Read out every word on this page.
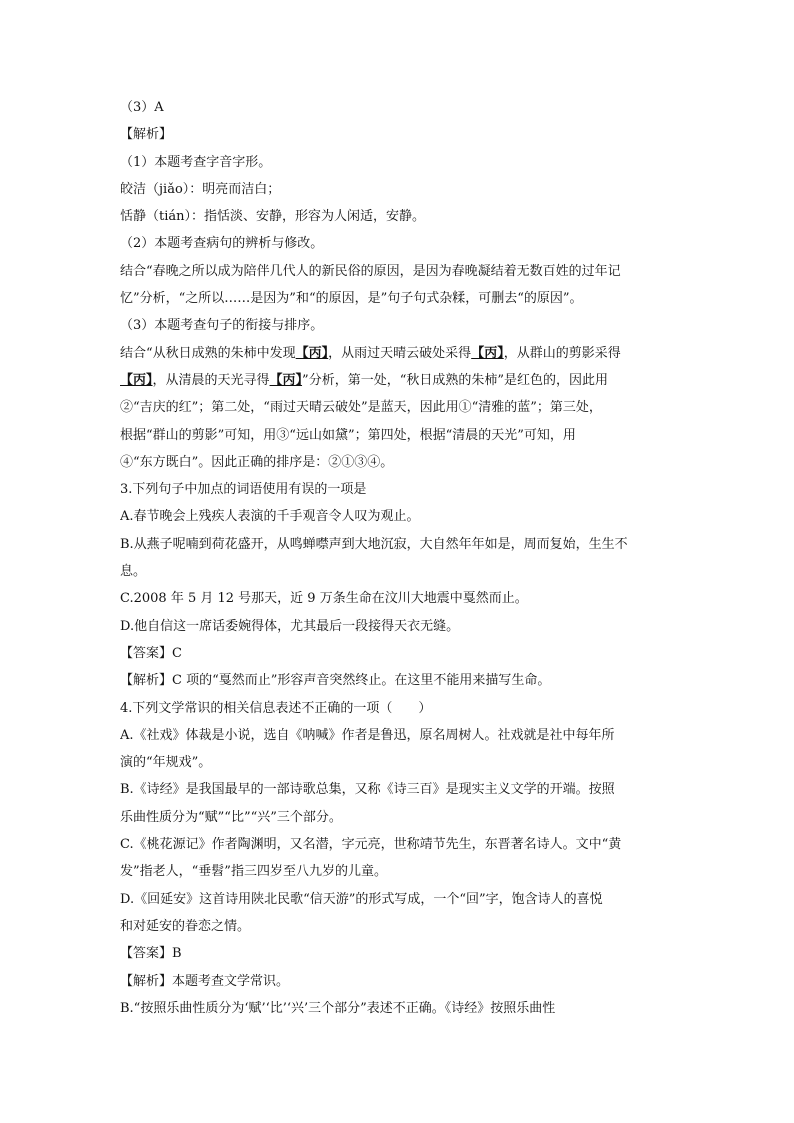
（3）A
【解析】
（1）本题考查字音字形。
皎洁（jiǎo）：明亮而洁白；
恬静（tián）：指恬淡、安静，形容为人闲适，安静。
（2）本题考查病句的辨析与修改。
结合“春晚之所以成为陪伴几代人的新民俗的原因，是因为春晚凝结着无数百姓的过年记
忆”分析，“之所以……是因为”和“的原因，是”句子句式杂糅，可删去“的原因”。
（3）本题考查句子的衔接与排序。
结合“从秋日成熟的朱柿中发现【丙】，从雨过天晴云破处采得【丙】，从群山的剪影采得
【丙】，从清晨的天光寻得【丙】”分析，第一处，“秋日成熟的朱柿”是红色的，因此用
②“吉庆的红”；第二处，“雨过天晴云破处”是蓝天，因此用①“清雅的蓝”；第三处，
根据“群山的剪影”可知，用③“远山如黛”；第四处，根据“清晨的天光”可知，用
④“东方既白”。因此正确的排序是：②①③④。
3.下列句子中加点的词语使用有误的一项是
A.春节晚会上残疾人表演的千手观音令人叹为观止。
B.从燕子呢喃到荷花盛开，从鸣蝉噤声到大地沉寂，大自然年年如是，周而复始，生生不
息。
C.2008 年 5 月 12 号那天，近 9 万条生命在汶川大地震中戛然而止。
D.他自信这一席话委婉得体，尤其最后一段接得天衣无缝。
【答案】C
【解析】C 项的“戛然而止”形容声音突然终止。在这里不能用来描写生命。
4.下列文学常识的相关信息表述不正确的一项（　　）
A.《社戏》体裁是小说，选自《呐喊》作者是鲁迅，原名周树人。社戏就是社中每年所
演的“年规戏”。
B.《诗经》是我国最早的一部诗歌总集，又称《诗三百》是现实主义文学的开端。按照
乐曲性质分为“赋”“比”“兴”三个部分。
C.《桃花源记》作者陶渊明，又名潜，字元亮，世称靖节先生，东晋著名诗人。文中“黄
发”指老人，“垂髫”指三四岁至八九岁的儿童。
D.《回延安》这首诗用陕北民歌“信天游”的形式写成，一个“回”字，饱含诗人的喜悦
和对延安的眷恋之情。
【答案】B
【解析】本题考查文学常识。
B.“按照乐曲性质分为‘赋’‘比’‘兴’三个部分”表述不正确。《诗经》按照乐曲性
